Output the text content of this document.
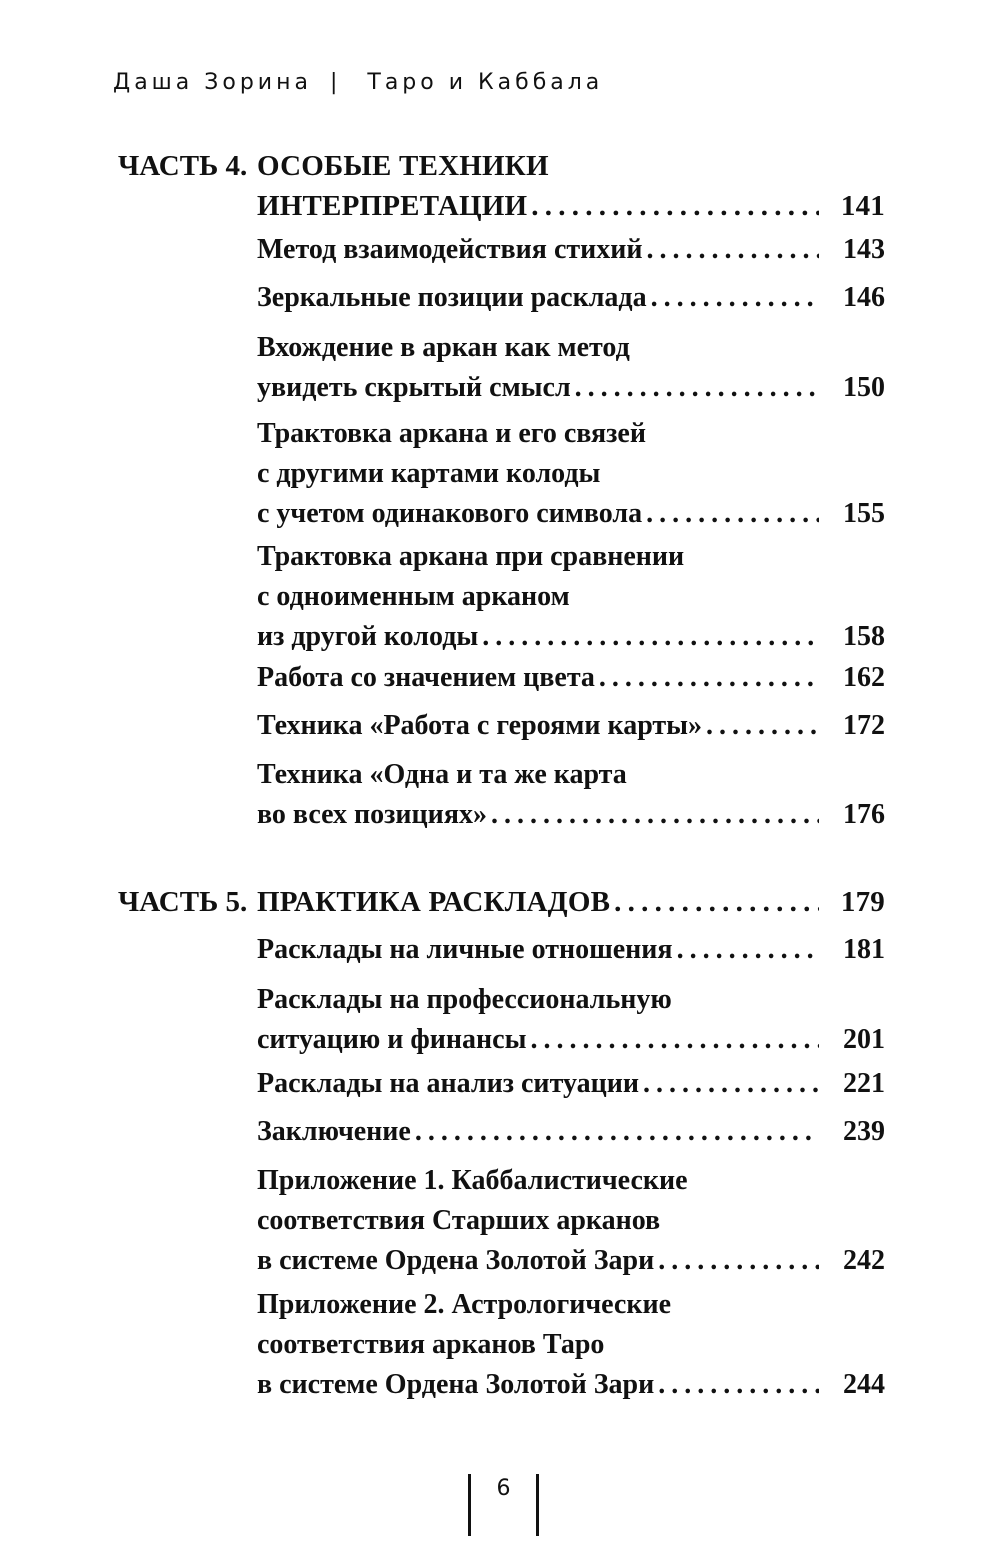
Даша Зорина | Таро и Каббала
ЧАСТЬ 4. ОСОБЫЕ ТЕХНИКИ
ИНТЕРПРЕТАЦИИ . . .	141
Метод взаимодействия стихий . . .	143
Зеркальные позиции расклада . . .	146
Вхождение в аркан как метод
увидеть скрытый смысл . . .	150
Трактовка аркана и его связей
с другими картами колоды
с учетом одинакового символа . . .	155
Трактовка аркана при сравнении
с одноименным арканом
из другой колоды . . .	158
Работа со значением цвета . . .	162
Техника «Работа с героями карты» . . .	172
Техника «Одна и та же карта
во всех позициях» . . .	176
ЧАСТЬ 5. ПРАКТИКА РАСКЛАДОВ . . .	179
Расклады на личные отношения . . .	181
Расклады на профессиональную
ситуацию и финансы . . .	201
Расклады на анализ ситуации . . .	221
Заключение . . .	239
Приложение 1. Каббалистические
соответствия Старших арканов
в системе Ордена Золотой Зари . . .	242
Приложение 2. Астрологические
соответствия арканов Таро
в системе Ордена Золотой Зари . . .	244
6
